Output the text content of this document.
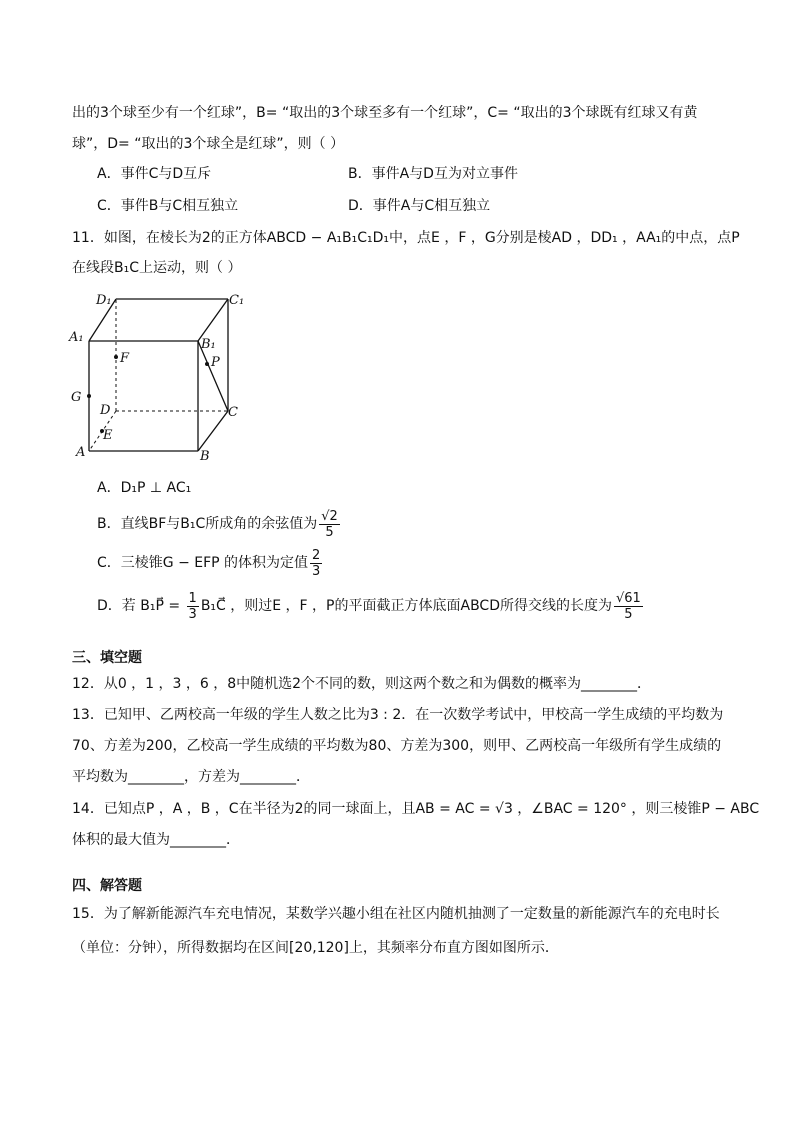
出的3个球至少有一个红球”，B= “取出的3个球至多有一个红球”，C= “取出的3个球既有红球又有黄
球”，D= “取出的3个球全是红球”，则（ ）
A．事件C与D互斥	B．事件A与D互为对立事件
C．事件B与C相互独立	D．事件A与C相互独立
11．如图，在棱长为2的正方体ABCD − A₁B₁C₁D₁中，点E ，F ，G分别是棱AD ，DD₁ ，AA₁的中点，点P
在线段B₁C上运动，则（ ）
D₁	C₁
A₁	B₁
F	P
G
D	C
E
A	B
A．D₁P ⊥ AC₁
B．直线BF与B₁C所成角的余弦值为 $\frac{√2}{5}$
C．三棱锥G − EFP 的体积为定值 $\frac{2}{3}$
D．若 B₁P⃗ = $\frac{1}{3}$ B₁C⃗ ，则过E ，F ，P的平面截正方体底面ABCD所得交线的长度为 $\frac{√61}{5}$
三、填空题
12．从0 ，1 ，3 ，6 ，8中随机选2个不同的数，则这两个数之和为偶数的概率为________．
13．已知甲、乙两校高一年级的学生人数之比为3 : 2．在一次数学考试中，甲校高一学生成绩的平均数为
70、方差为200，乙校高一学生成绩的平均数为80、方差为300，则甲、乙两校高一年级所有学生成绩的
平均数为________，方差为________．
14．已知点P ，A ，B ，C在半径为2的同一球面上，且AB = AC = √3 ，∠BAC = 120° ，则三棱锥P − ABC
体积的最大值为________．
四、解答题
15．为了解新能源汽车充电情况，某数学兴趣小组在社区内随机抽测了一定数量的新能源汽车的充电时长
（单位：分钟），所得数据均在区间[20,120]上，其频率分布直方图如图所示．
